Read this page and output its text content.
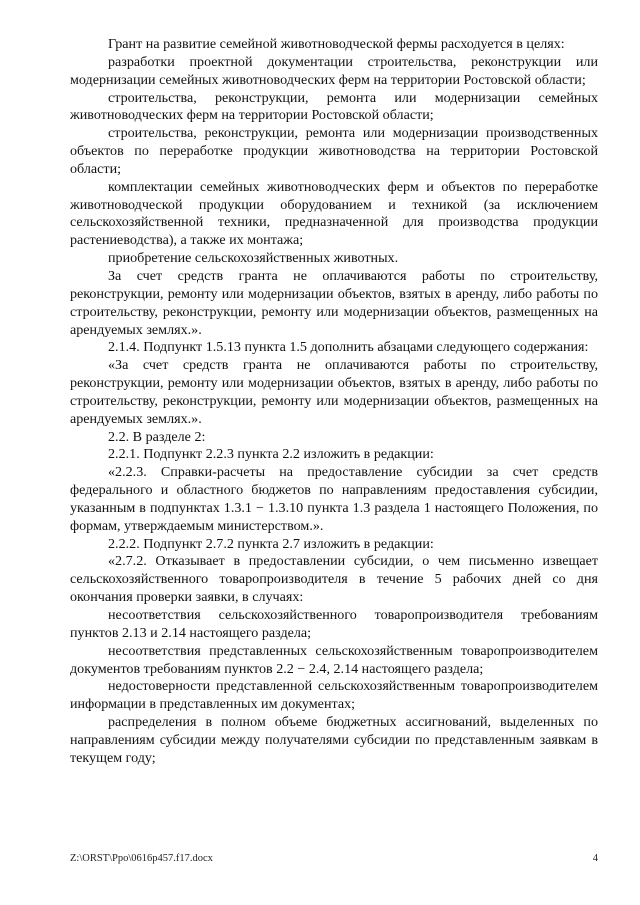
Грант на развитие семейной животноводческой фермы расходуется в целях:

разработки проектной документации строительства, реконструкции или модернизации семейных животноводческих ферм на территории Ростовской области;

строительства, реконструкции, ремонта или модернизации семейных животноводческих ферм на территории Ростовской области;

строительства, реконструкции, ремонта или модернизации производственных объектов по переработке продукции животноводства на территории Ростовской области;

комплектации семейных животноводческих ферм и объектов по переработке животноводческой продукции оборудованием и техникой (за исключением сельскохозяйственной техники, предназначенной для производства продукции растениеводства), а также их монтажа;

приобретение сельскохозяйственных животных.

За счет средств гранта не оплачиваются работы по строительству, реконструкции, ремонту или модернизации объектов, взятых в аренду, либо работы по строительству, реконструкции, ремонту или модернизации объектов, размещенных на арендуемых землях.».

2.1.4. Подпункт 1.5.13 пункта 1.5 дополнить абзацами следующего содержания:

«За счет средств гранта не оплачиваются работы по строительству, реконструкции, ремонту или модернизации объектов, взятых в аренду, либо работы по строительству, реконструкции, ремонту или модернизации объектов, размещенных на арендуемых землях.».

2.2. В разделе 2:

2.2.1. Подпункт 2.2.3 пункта 2.2 изложить в редакции:

«2.2.3. Справки-расчеты на предоставление субсидии за счет средств федерального и областного бюджетов по направлениям предоставления субсидии, указанным в подпунктах 1.3.1 − 1.3.10 пункта 1.3 раздела 1 настоящего Положения, по формам, утверждаемым министерством.».

2.2.2. Подпункт 2.7.2 пункта 2.7 изложить в редакции:

«2.7.2. Отказывает в предоставлении субсидии, о чем письменно извещает сельскохозяйственного товаропроизводителя в течение 5 рабочих дней со дня окончания проверки заявки, в случаях:

несоответствия сельскохозяйственного товаропроизводителя требованиям пунктов 2.13 и 2.14 настоящего раздела;

несоответствия представленных сельскохозяйственным товаропроизводителем документов требованиям пунктов 2.2 − 2.4, 2.14 настоящего раздела;

недостоверности представленной сельскохозяйственным товаропроизводителем информации в представленных им документах;

распределения в полном объеме бюджетных ассигнований, выделенных по направлениям субсидии между получателями субсидии по представленным заявкам в текущем году;

Z:\ORST\Ppo\0616p457.f17.docx	4
